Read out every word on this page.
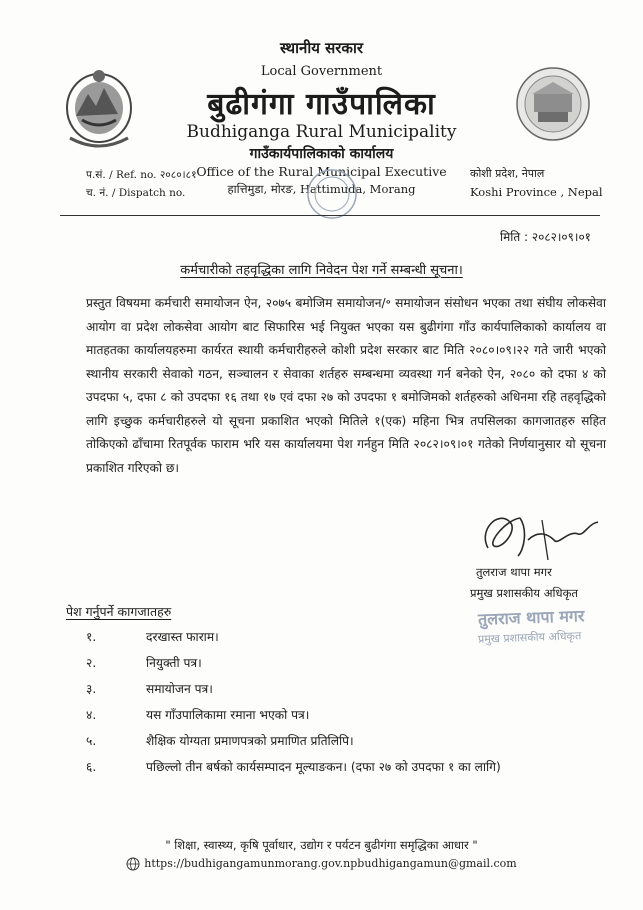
स्थानीय सरकार
Local Government
बुढीगंगा गाउँपालिका
Budhiganga Rural Municipality
गाउँकार्यपालिकाको कार्यालय
Office of the Rural Municipal Executive
हात्तिमुडा, मोरङ, Hattimuda, Morang
प.सं. / Ref. no. २०८०।८१
च. नं. / Dispatch no.
कोशी प्रदेश, नेपाल
Koshi Province , Nepal
मिति : २०८२।०९।०१
कर्मचारीको तहवृद्धिका लागि निवेदन पेश गर्ने सम्बन्धी सूचना।
प्रस्तुत विषयमा कर्मचारी समायोजन ऐन, २०७५ बमोजिम समायोजन/॰ समायोजन संसोधन भएका तथा संघीय लोकसेवा आयोग वा प्रदेश लोकसेवा आयोग बाट सिफारिस भई नियुक्त भएका यस बुढीगंगा गाँउ कार्यपालिकाको कार्यालय वा मातहतका कार्यालयहरुमा कार्यरत स्थायी कर्मचारीहरुले कोशी प्रदेश सरकार बाट मिति २०८०।०९।२२ गते जारी भएको स्थानीय सरकारी सेवाको गठन, सञ्चालन र सेवाका शर्तहरु सम्बन्धमा व्यवस्था गर्न बनेको ऐन, २०८० को दफा ४ को उपदफा ५, दफा ८ को उपदफा १६ तथा १७ एवं दफा २७ को उपदफा १ बमोजिमको शर्तहरुको अधिनमा रहि तहवृद्धिको लागि इच्छुक कर्मचारीहरुले यो सूचना प्रकाशित भएको मितिले १(एक) महिना भित्र तपसिलका कागजातहरु सहित तोकिएको ढाँचामा रितपूर्वक फाराम भरि यस कार्यालयमा पेश गर्नहुन मिति २०८२।०९।०१ गतेको निर्णयानुसार यो सूचना प्रकाशित गरिएको छ।
तुलराज थापा मगर
प्रमुख प्रशासकीय अधिकृत
तुलराज थापा मगर
प्रमुख प्रशासकीय अधिकृत
पेश गर्नुपर्ने कागजातहरु
१.	दरखास्त फाराम।
२.	नियुक्ती पत्र।
३.	समायोजन पत्र।
४.	यस गाँउपालिकामा रमाना भएको पत्र।
५.	शैक्षिक योग्यता प्रमाणपत्रको प्रमाणित प्रतिलिपि।
६.	पछिल्लो तीन बर्षको कार्यसम्पादन मूल्याङकन। (दफा २७ को उपदफा १ का लागि)
" शिक्षा, स्वास्थ्य, कृषि पूर्वाधार, उद्योग र पर्यटन बुढीगंगा समृद्धिका आधार "
https://budhigangamunmorang.gov.npbudhigangamun@gmail.com
